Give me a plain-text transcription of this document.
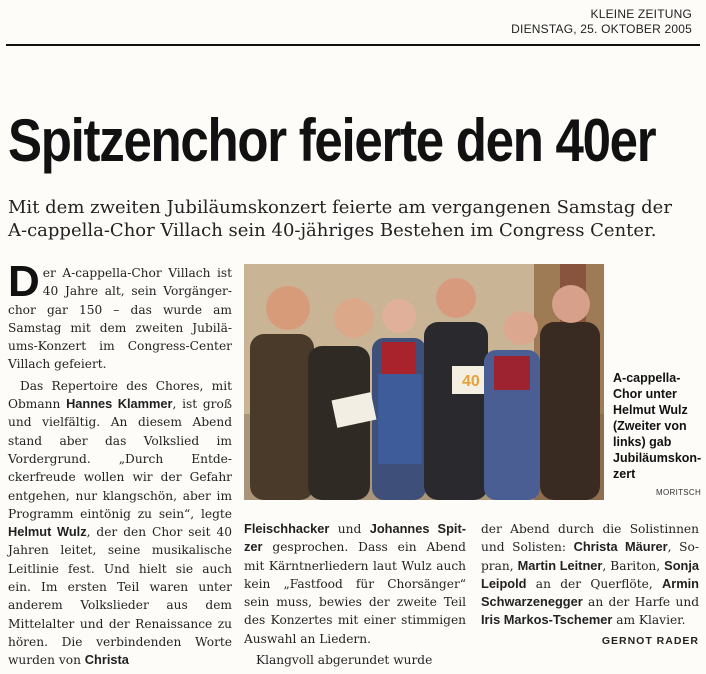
KLEINE ZEITUNG
DIENSTAG, 25. OKTOBER 2005
Spitzenchor feierte den 40er
Mit dem zweiten Jubiläumskonzert feierte am vergangenen Samstag der
A-cappella-Chor Villach sein 40-jähriges Bestehen im Congress Center.
D er A-cappella-Chor Villach ist 40 Jahre alt, sein Vorgängerchor gar 150 – das wurde am Samstag mit dem zweiten Jubiläums-Konzert im Congress-Center Villach gefeiert.

Das Repertoire des Chores, mit Obmann Hannes Klammer, ist groß und vielfältig. An diesem Abend stand aber das Volkslied im Vordergrund. „Durch Entdeckerfreude wollen wir der Gefahr entgehen, nur klangschön, aber im Programm eintönig zu sein“, legte Helmut Wulz, der den Chor seit 40 Jahren leitet, seine musikalische Leitlinie fest. Und hielt sie auch ein. Im ersten Teil waren unter anderem Volkslieder aus dem Mittelalter und der Renaissance zu hören. Die verbindenden Worte wurden von Christa

40	A-cappella-Chor unter Helmut Wulz (Zweiter von links) gab Jubiläumskonzert
MORITSCH

Fleischhacker und Johannes Spitzer gesprochen. Dass ein Abend mit Kärntnerliedern laut Wulz auch kein „Fastfood für Chorsänger“ sein muss, bewies der zweite Teil des Konzertes mit einer stimmigen Auswahl an Liedern.

Klangvoll abgerundet wurde

der Abend durch die Solistinnen und Solisten: Christa Mäurer, Sopran, Martin Leitner, Bariton, Sonja Leipold an der Querflöte, Armin Schwarzenegger an der Harfe und Iris Markos-Tschemer am Klavier.

GERNOT RADER
